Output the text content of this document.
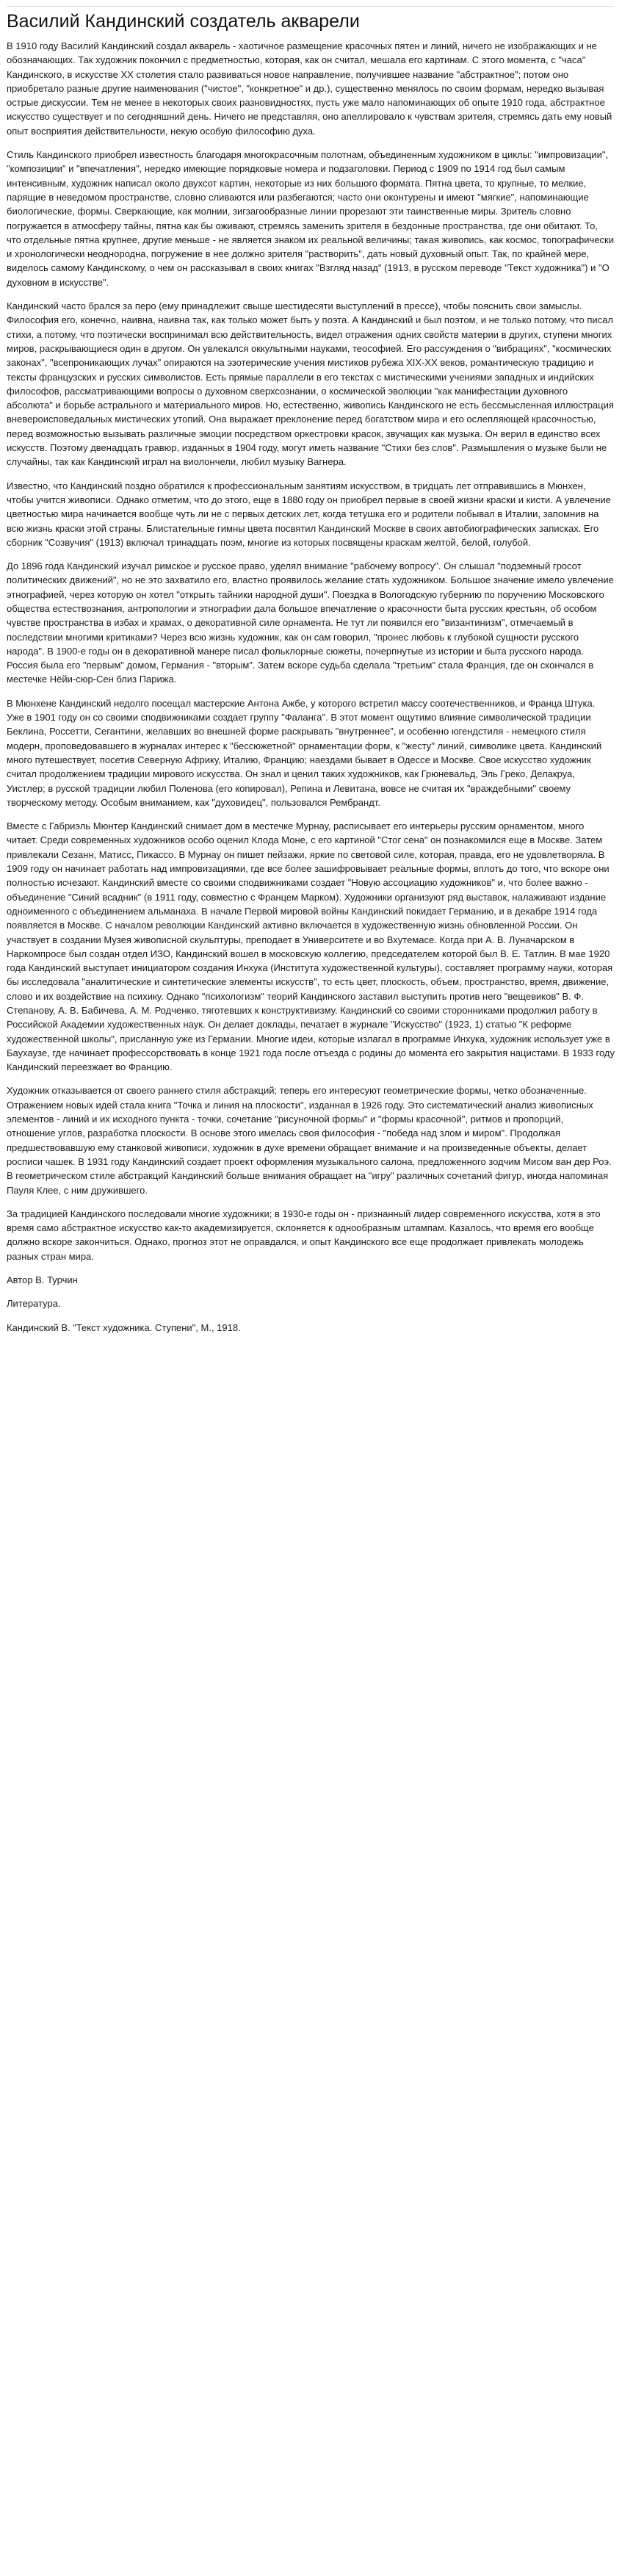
Василий Кандинский создатель акварели

В 1910 году Василий Кандинский создал акварель - хаотичное размещение красочных пятен и линий, ничего не изображающих и не обозначающих. Так художник покончил с предметностью, которая, как он считал, мешала его картинам. С этого момента, с "часа" Кандинского, в искусстве ХХ столетия стало развиваться новое направление, получившее название "абстрактное"; потом оно приобретало разные другие наименования ("чистое", "конкретное" и др.), существенно менялось по своим формам, нередко вызывая острые дискуссии. Тем не менее в некоторых своих разновидностях, пусть уже мало напоминающих об опыте 1910 года, абстрактное искусство существует и по сегодняшний день. Ничего не представляя, оно апеллировало к чувствам зрителя, стремясь дать ему новый опыт восприятия действительности, некую особую философию духа.

Стиль Кандинского приобрел известность благодаря многокрасочным полотнам, объединенным художником в циклы: "импровизации", "композиции" и "впечатления", нередко имеющие порядковые номера и подзаголовки. Период с 1909 по 1914 год был самым интенсивным, художник написал около двухсот картин, некоторые из них большого формата. Пятна цвета, то крупные, то мелкие, парящие в неведомом пространстве, словно сливаются или разбегаются; часто они оконтурены и имеют "мягкие", напоминающие биологические, формы. Сверкающие, как молнии, зигзагообразные линии прорезают эти таинственные миры. Зритель словно погружается в атмосферу тайны, пятна как бы оживают, стремясь заменить зрителя в бездонные пространства, где они обитают. То, что отдельные пятна крупнее, другие меньше - не является знаком их реальной величины; такая живопись, как космос, топографически и хронологически неоднородна, погружение в нее должно зрителя "растворить", дать новый духовный опыт. Так, по крайней мере, виделось самому Кандинскому, о чем он рассказывал в своих книгах "Взгляд назад" (1913, в русском переводе "Текст художника") и "О духовном в искусстве".

Кандинский часто брался за перо (ему принадлежит свыше шестидесяти выступлений в прессе), чтобы пояснить свои замыслы. Философия его, конечно, наивна, наивна так, как только может быть у поэта. А Кандинский и был поэтом, и не только потому, что писал стихи, а потому, что поэтически воспринимал всю действительность, видел отражения одних свойств материи в других, ступени многих миров, раскрывающиеся один в другом. Он увлекался оккультными науками, теософией. Его рассуждения о "вибрациях", "космических законах", "всепроникающих лучах" опираются на эзотерические учения мистиков рубежа XIX-XX веков, романтическую традицию и тексты французских и русских символистов. Есть прямые параллели в его текстах с мистическими учениями западных и индийских философов, рассматривающими вопросы о духовном сверхсознании, о космической эволюции "как манифестации духовного абсолюта" и борьбе астрального и материального миров. Но, естественно, живопись Кандинского не есть бессмысленная иллюстрация вневероисповедальных мистических утопий. Она выражает преклонение перед богатством мира и его ослепляющей красочностью, перед возможностью вызывать различные эмоции посредством оркестровки красок, звучащих как музыка. Он верил в единство всех искусств. Поэтому двенадцать гравюр, изданных в 1904 году, могут иметь название "Стихи без слов". Размышления о музыке были не случайны, так как Кандинский играл на виолончели, любил музыку Вагнера.

Известно, что Кандинский поздно обратился к профессиональным занятиям искусством, в тридцать лет отправившись в Мюнхен, чтобы учится живописи. Однако отметим, что до этого, еще в 1880 году он приобрел первые в своей жизни краски и кисти. А увлечение цветностью мира начинается вообще чуть ли не с первых детских лет, когда тетушка его и родители побывал в Италии, запомнив на всю жизнь краски этой страны. Блистательные гимны цвета посвятил Кандинский Москве в своих автобиографических записках. Его сборник "Созвучия" (1913) включал тринадцать поэм, многие из которых посвящены краскам желтой, белой, голубой.

До 1896 года Кандинский изучал римское и русское право, уделял внимание "рабочему вопросу". Он слышал "подземный гросот политических движений", но не это захватило его, властно проявилось желание стать художником. Большое значение имело увлечение этнографией, через которую он хотел "открыть тайники народной души". Поездка в Вологодскую губернию по поручению Московского общества естествознания, антропологии и этнографии дала большое впечатление о красочности быта русских крестьян, об особом чувстве пространства в избах и храмах, о декоративной силе орнамента. Не тут ли появился его "византинизм", отмечаемый в последствии многими критиками? Через всю жизнь художник, как он сам говорил, "пронес любовь к глубокой сущности русского народа". В 1900-е годы он в декоративной манере писал фольклорные сюжеты, почерпнутые из истории и быта русского народа. Россия была его "первым" домом, Германия - "вторым". Затем вскоре судьба сделала "третьим" стала Франция, где он скончался в местечке Нёйи-сюр-Сен близ Парижа.

В Мюнхене Кандинский недолго посещал мастерские Антона Ажбе, у которого встретил массу соотечественников, и Франца Штука. Уже в 1901 году он со своими сподвижниками создает группу "Фаланга". В этот момент ощутимо влияние символической традиции Беклина, Россетти, Сегантини, желавших во внешней форме раскрывать "внутреннее", и особенно югендстиля - немецкого стиля модерн, проповедовавшего в журналах интерес к "бессюжетной" орнаментации форм, к "жесту" линий, символике цвета. Кандинский много путешествует, посетив Северную Африку, Италию, Францию; наездами бывает в Одессе и Москве. Свое искусство художник считал продолжением традиции мирового искусства. Он знал и ценил таких художников, как Грюневальд, Эль Греко, Делакруа, Уистлер; в русской традиции любил Поленова (его копировал), Репина и Левитана, вовсе не считая их "враждебными" своему творческому методу. Особым вниманием, как "духовидец", пользовался Рембрандт.

Вместе с Габриэль Мюнтер Кандинский снимает дом в местечке Мурнау, расписывает его интерьеры русским орнаментом, много читает. Среди современных художников особо оценил Клода Моне, с его картиной "Стог сена" он познакомился еще в Москве. Затем привлекали Сезанн, Матисс, Пикассо. В Мурнау он пишет пейзажи, яркие по световой силе, которая, правда, его не удовлетворяла. В 1909 году он начинает работать над импровизациями, где все более зашифровывает реальные формы, вплоть до того, что вскоре они полностью исчезают. Кандинский вместе со своими сподвижниками создает "Новую ассоциацию художников" и, что более важно - объединение "Синий всадник" (в 1911 году, совместно с Францем Марком). Художники организуют ряд выставок, налаживают издание одноименного с объединением альманаха. В начале Первой мировой войны Кандинский покидает Германию, и в декабре 1914 года появляется в Москве. С началом революции Кандинский активно включается в художественную жизнь обновленной России. Он участвует в создании Музея живописной скульптуры, преподает в Университете и во Вхутемасе. Когда при А. В. Луначарском в Наркомпросе был создан отдел ИЗО, Кандинский вошел в московскую коллегию, председателем которой был В. Е. Татлин. В мае 1920 года Кандинский выступает инициатором создания Инхука (Института художественной культуры), составляет программу науки, которая бы исследовала "аналитические и синтетические элементы искусств", то есть цвет, плоскость, объем, пространство, время, движение, слово и их воздействие на психику. Однако "психологизм" теорий Кандинского заставил выступить против него "вещевиков" В. Ф. Степанову, А. В. Бабичева, А. М. Родченко, тяготевших к конструктивизму. Кандинский со своими сторонниками продолжил работу в Российской Академии художественных наук. Он делает доклады, печатает в журнале "Искусство" (1923, 1) статью "К реформе художественной школы", присланную уже из Германии. Многие идеи, которые излагал в программе Инхука, художник использует уже в Баухаузе, где начинает профессорствовать в конце 1921 года после отъезда с родины до момента его закрытия нацистами. В 1933 году Кандинский переезжает во Францию.

Художник отказывается от своего раннего стиля абстракций; теперь его интересуют геометрические формы, четко обозначенные. Отражением новых идей стала книга "Точка и линия на плоскости", изданная в 1926 году. Это систематический анализ живописных элементов - линий и их исходного пункта - точки, сочетание "рисуночной формы" и "формы красочной", ритмов и пропорций, отношение углов, разработка плоскости. В основе этого имелась своя философия - "победа над злом и миром". Продолжая предшествовавшую ему станковой живописи, художник в духе времени обращает внимание и на произведенные объекты, делает росписи чашек. В 1931 году Кандинский создает проект оформления музыкального салона, предложенного зодчим Мисом ван дер Роэ. В геометрическом стиле абстракций Кандинский больше внимания обращает на "игру" различных сочетаний фигур, иногда напоминая Пауля Клее, с ним дружившего.

За традицией Кандинского последовали многие художники; в 1930-е годы он - признанный лидер современного искусства, хотя в это время само абстрактное искусство как-то академизируется, склоняется к однообразным штампам. Казалось, что время его вообще должно вскоре закончиться. Однако, прогноз этот не оправдался, и опыт Кандинского все еще продолжает привлекать молодежь разных стран мира.

Автор В. Турчин

Литература.

Кандинский В. "Текст художника. Ступени", М., 1918.
